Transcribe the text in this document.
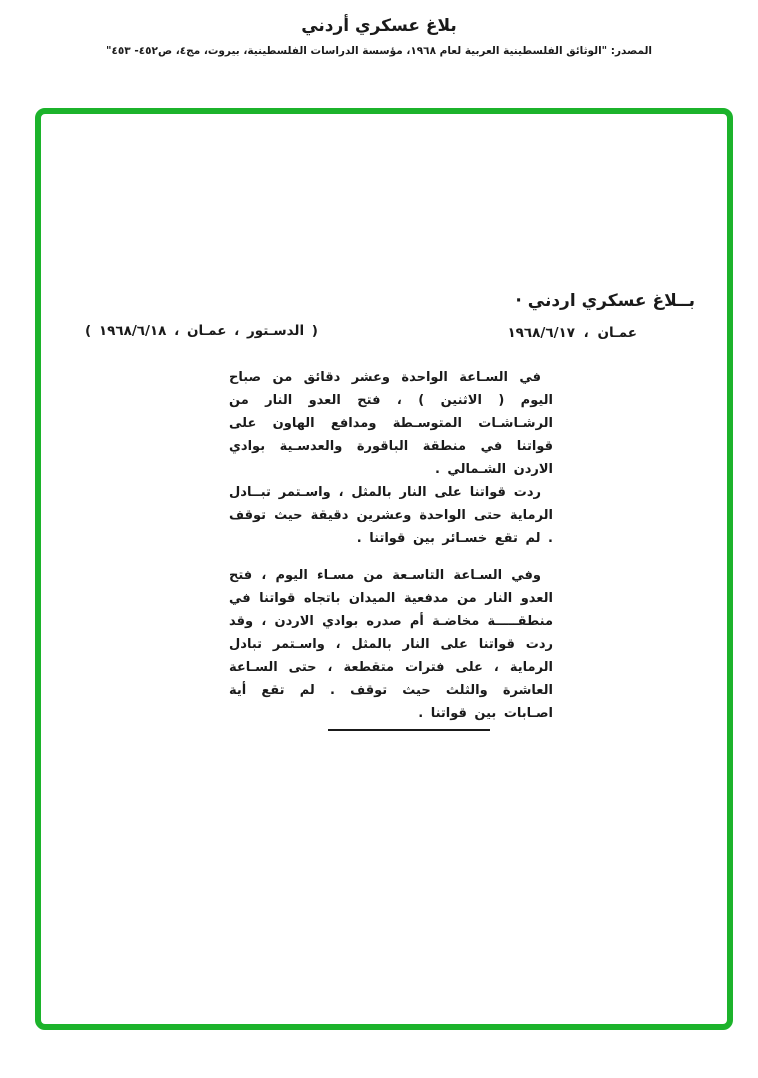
بلاغ عسكري أردني

المصدر: "الوثائق الفلسطينية العربية لعام ١٩٦٨، مؤسسة الدراسات الفلسطينية، بيروت، مج٤، ص٤٥٢- ٤٥٣"

بــلاغ عسكري اردني ·
عمـان ، ١٩٦٨/٦/١٧
( الدسـتور ، عمـان ، ١٩٦٨/٦/١٨ )

في السـاعة الواحدة وعشر دقائق من صباح اليوم ( الاثنين ) ، فتح العدو النار من الرشـاشـات المتوسـطة ومدافع الهاون على قواتنا في منطقة الباقورة والعدسـية بوادي الاردن الشـمالي .

ردت قواتنا على النار بالمثل ، واسـتمر تبــادل الرماية حتى الواحدة وعشرين دقيقة حيث توقف . لم تقع خسـائر بين قواتنا .

وفي السـاعة التاسـعة من مسـاء اليوم ، فتح العدو النار من مدفعية الميدان باتجاه قواتنا في منطقـــــة مخاضـة أم صدره بوادي الاردن ، وقد ردت قواتنا على النار بالمثل ، واسـتمر تبادل الرماية ، على فترات متقطعة ، حتى السـاعة العاشرة والثلث حيث توقف . لم تقع أية اصـابات بين قواتنا .
